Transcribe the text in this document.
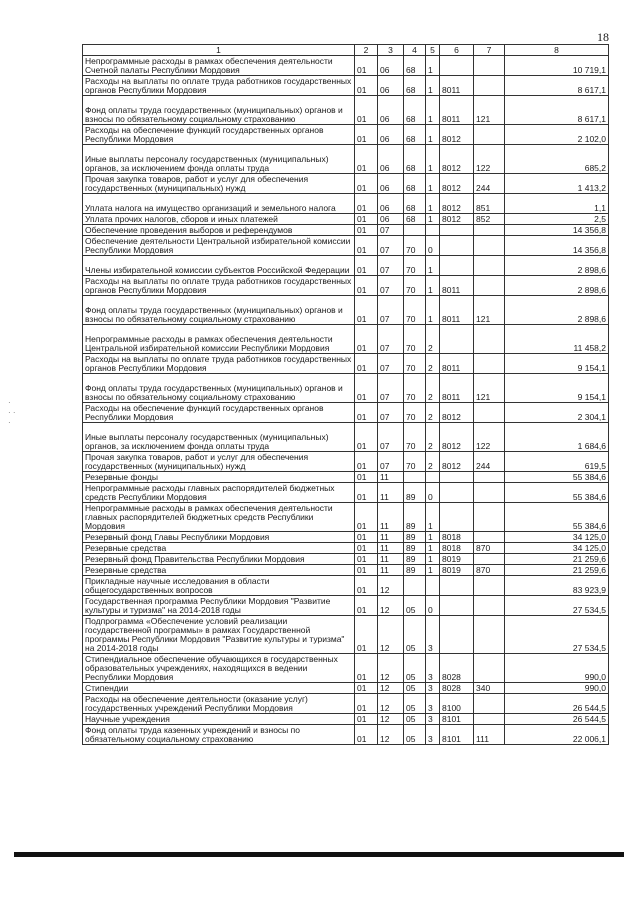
18
·
· ·
·
1	2	3	4	5	6	7	8
Непрограммные расходы в рамках обеспечения деятельности Счетной палаты Республики Мордовия	01	06	68	1			10 719,1
Расходы на выплаты по оплате труда работников государственных органов Республики Мордовия	01	06	68	1	8011		8 617,1
Фонд оплаты труда государственных (муниципальных) органов и взносы по обязательному социальному страхованию	01	06	68	1	8011	121	8 617,1
Расходы на обеспечение функций государственных органов Республики Мордовия	01	06	68	1	8012		2 102,0
Иные выплаты персоналу государственных (муниципальных) органов, за исключением фонда оплаты труда	01	06	68	1	8012	122	685,2
Прочая закупка товаров, работ и услуг для обеспечения государственных (муниципальных) нужд	01	06	68	1	8012	244	1 413,2
Уплата налога на имущество организаций и земельного налога	01	06	68	1	8012	851	1,1
Уплата прочих налогов, сборов и иных платежей	01	06	68	1	8012	852	2,5
Обеспечение проведения выборов и референдумов	01	07					14 356,8
Обеспечение деятельности Центральной избирательной комиссии Республики Мордовия	01	07	70	0			14 356,8
Члены избирательной комиссии субъектов Российской Федерации	01	07	70	1			2 898,6
Расходы на выплаты по оплате труда работников государственных органов Республики Мордовия	01	07	70	1	8011		2 898,6
Фонд оплаты труда государственных (муниципальных) органов и взносы по обязательному социальному страхованию	01	07	70	1	8011	121	2 898,6
Непрограммные расходы в рамках обеспечения деятельности Центральной избирательной комиссии Республики Мордовия	01	07	70	2			11 458,2
Расходы на выплаты по оплате труда работников государственных органов Республики Мордовия	01	07	70	2	8011		9 154,1
Фонд оплаты труда государственных (муниципальных) органов и взносы по обязательному социальному страхованию	01	07	70	2	8011	121	9 154,1
Расходы на обеспечение функций государственных органов Республики Мордовия	01	07	70	2	8012		2 304,1
Иные выплаты персоналу государственных (муниципальных) органов, за исключением фонда оплаты труда	01	07	70	2	8012	122	1 684,6
Прочая закупка товаров, работ и услуг для обеспечения государственных (муниципальных) нужд	01	07	70	2	8012	244	619,5
Резервные фонды	01	11					55 384,6
Непрограммные расходы главных распорядителей бюджетных средств Республики Мордовия	01	11	89	0			55 384,6
Непрограммные расходы в рамках обеспечения деятельности главных распорядителей бюджетных средств Республики Мордовия	01	11	89	1			55 384,6
Резервный фонд Главы Республики Мордовия	01	11	89	1	8018		34 125,0
Резервные средства	01	11	89	1	8018	870	34 125,0
Резервный фонд Правительства Республики Мордовия	01	11	89	1	8019		21 259,6
Резервные средства	01	11	89	1	8019	870	21 259,6
Прикладные научные исследования в области общегосударственных вопросов	01	12					83 923,9
Государственная программа Республики Мордовия "Развитие культуры и туризма" на 2014-2018 годы	01	12	05	0			27 534,5
Подпрограмма «Обеспечение условий реализации государственной программы» в рамках Государственной программы Республики Мордовия "Развитие культуры и туризма" на 2014-2018 годы	01	12	05	3			27 534,5
Стипендиальное обеспечение обучающихся в государственных образовательных учреждениях, находящихся в ведении Республики Мордовия	01	12	05	3	8028		990,0
Стипендии	01	12	05	3	8028	340	990,0
Расходы на обеспечение деятельности (оказание услуг) государственных учреждений Республики Мордовия	01	12	05	3	8100		26 544,5
Научные учреждения	01	12	05	3	8101		26 544,5
Фонд оплаты труда казенных учреждений и взносы по обязательному социальному страхованию	01	12	05	3	8101	111	22 006,1
